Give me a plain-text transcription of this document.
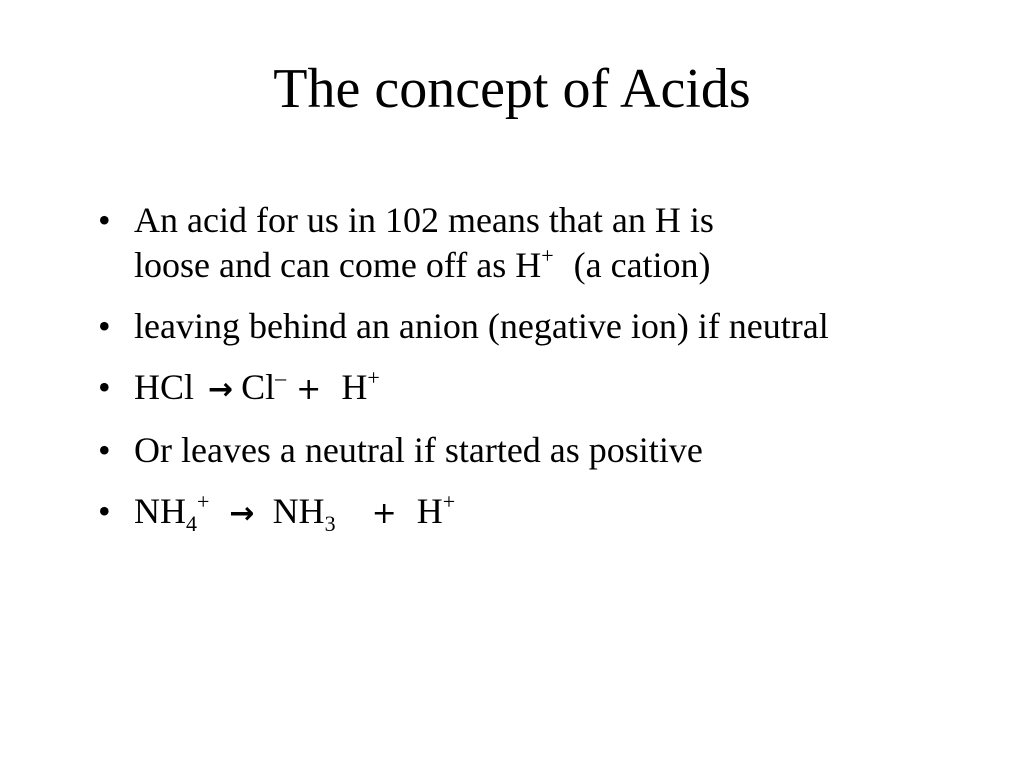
The concept of Acids
• An acid for us in 102 means that an H is
loose and can come off as H+ (a cation)
• leaving behind an anion (negative ion) if neutral
• HCl → Cl– + H+
• Or leaves a neutral if started as positive
• $NH_4^+ \to NH_3 + H^+$
